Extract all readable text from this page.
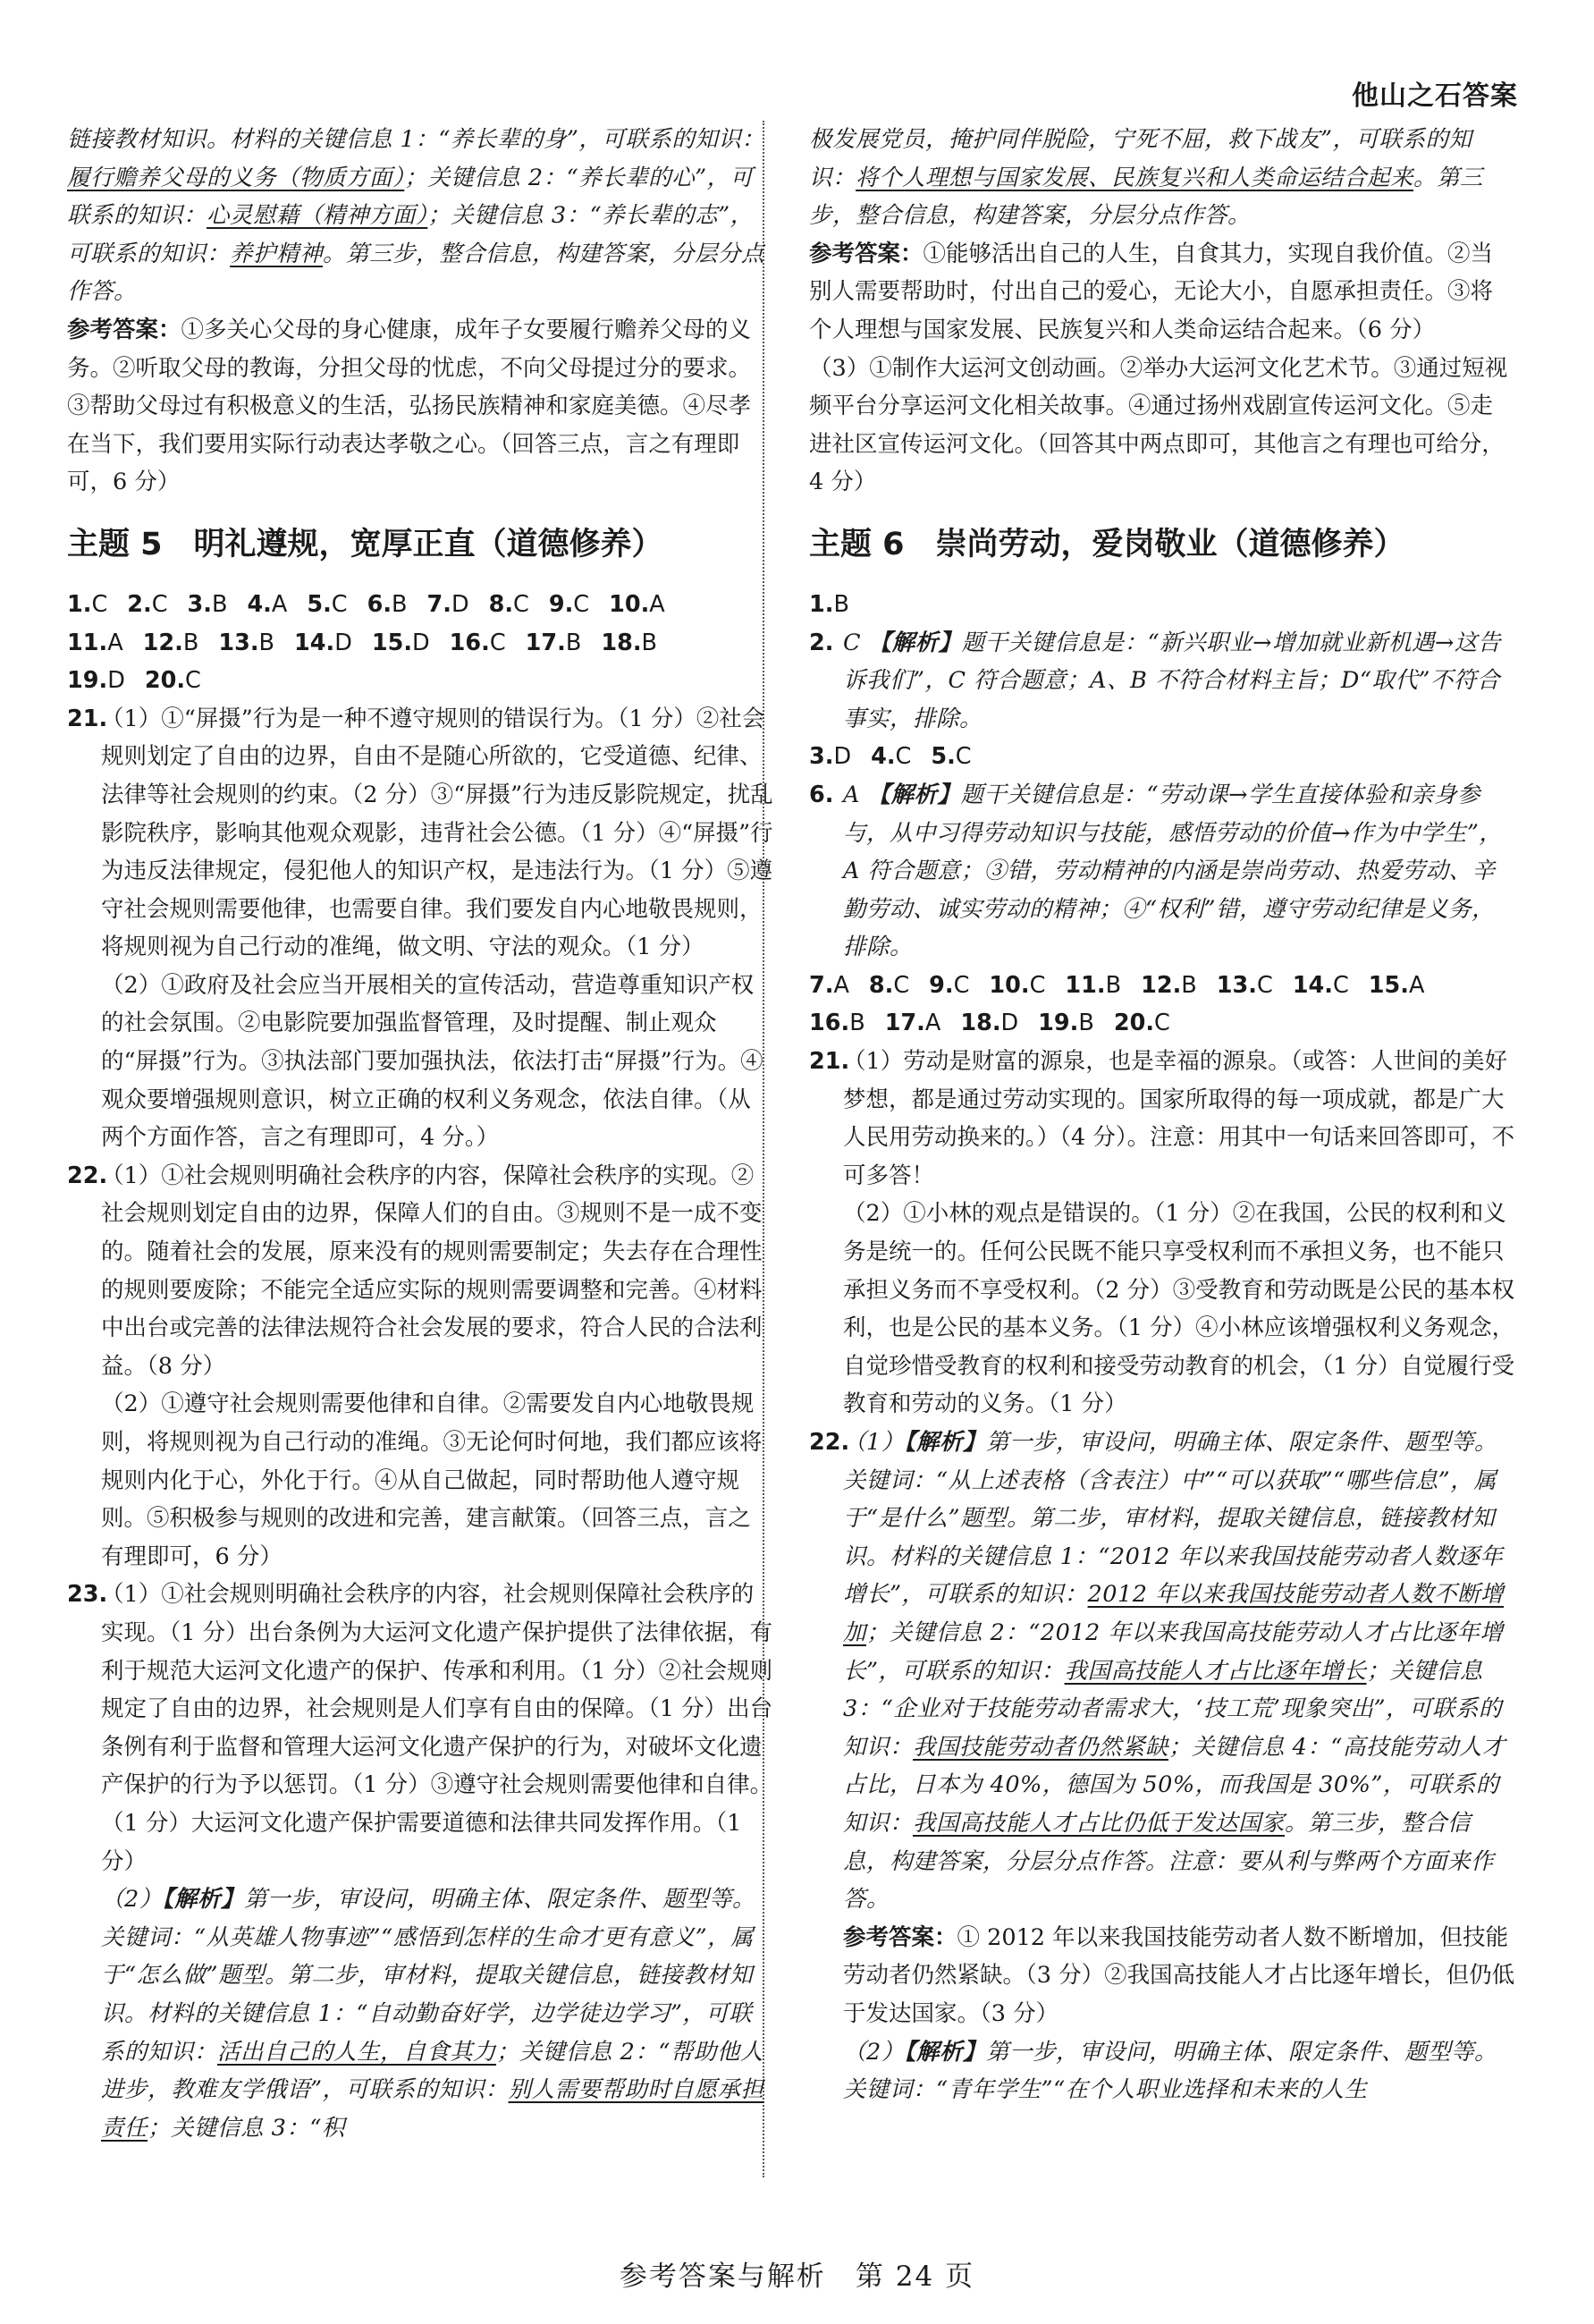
他山之石答案

链接教材知识。材料的关键信息 1：“养长辈的身”，可联系的知识：履行赡养父母的义务（物质方面）；关键信息 2：“养长辈的心”，可联系的知识：心灵慰藉（精神方面）；关键信息 3：“养长辈的志”，可联系的知识：养护精神。第三步，整合信息，构建答案，分层分点作答。

参考答案：①多关心父母的身心健康，成年子女要履行赡养父母的义务。②听取父母的教诲，分担父母的忧虑，不向父母提过分的要求。③帮助父母过有积极意义的生活，弘扬民族精神和家庭美德。④尽孝在当下，我们要用实际行动表达孝敬之心。（回答三点，言之有理即可，6 分）

主题 5　明礼遵规，宽厚正直（道德修养）

1.C 2.C 3.B 4.A 5.C 6.B 7.D 8.C 9.C 10.A

11.A 12.B 13.B 14.D 15.D 16.C 17.B 18.B

19.D 20.C

21.

（1）①“屏摄”行为是一种不遵守规则的错误行为。（1 分）②社会规则划定了自由的边界，自由不是随心所欲的，它受道德、纪律、法律等社会规则的约束。（2 分）③“屏摄”行为违反影院规定，扰乱影院秩序，影响其他观众观影，违背社会公德。（1 分）④“屏摄”行为违反法律规定，侵犯他人的知识产权，是违法行为。（1 分）⑤遵守社会规则需要他律，也需要自律。我们要发自内心地敬畏规则，将规则视为自己行动的准绳，做文明、守法的观众。（1 分）

（2）①政府及社会应当开展相关的宣传活动，营造尊重知识产权的社会氛围。②电影院要加强监督管理，及时提醒、制止观众的“屏摄”行为。③执法部门要加强执法，依法打击“屏摄”行为。④观众要增强规则意识，树立正确的权利义务观念，依法自律。（从两个方面作答，言之有理即可，4 分。）

22.

（1）①社会规则明确社会秩序的内容，保障社会秩序的实现。②社会规则划定自由的边界，保障人们的自由。③规则不是一成不变的。随着社会的发展，原来没有的规则需要制定；失去存在合理性的规则要废除；不能完全适应实际的规则需要调整和完善。④材料中出台或完善的法律法规符合社会发展的要求，符合人民的合法利益。（8 分）

（2）①遵守社会规则需要他律和自律。②需要发自内心地敬畏规则，将规则视为自己行动的准绳。③无论何时何地，我们都应该将规则内化于心，外化于行。④从自己做起，同时帮助他人遵守规则。⑤积极参与规则的改进和完善，建言献策。（回答三点，言之有理即可，6 分）

23.

（1）①社会规则明确社会秩序的内容，社会规则保障社会秩序的实现。（1 分）出台条例为大运河文化遗产保护提供了法律依据，有利于规范大运河文化遗产的保护、传承和利用。（1 分）②社会规则规定了自由的边界，社会规则是人们享有自由的保障。（1 分）出台条例有利于监督和管理大运河文化遗产保护的行为，对破坏文化遗产保护的行为予以惩罚。（1 分）③遵守社会规则需要他律和自律。（1 分）大运河文化遗产保护需要道德和法律共同发挥作用。（1 分）

（2）【解析】第一步，审设问，明确主体、限定条件、题型等。关键词：“从英雄人物事迹”“感悟到怎样的生命才更有意义”，属于“怎么做”题型。第二步，审材料，提取关键信息，链接教材知识。材料的关键信息 1：“自动勤奋好学，边学徒边学习”，可联系的知识：活出自己的人生，自食其力；关键信息 2：“帮助他人进步，教难友学俄语”，可联系的知识：别人需要帮助时自愿承担责任；关键信息 3：“积

极发展党员，掩护同伴脱险，宁死不屈，救下战友”，可联系的知识：将个人理想与国家发展、民族复兴和人类命运结合起来。第三步，整合信息，构建答案，分层分点作答。

参考答案：①能够活出自己的人生，自食其力，实现自我价值。②当别人需要帮助时，付出自己的爱心，无论大小，自愿承担责任。③将个人理想与国家发展、民族复兴和人类命运结合起来。（6 分）

（3）①制作大运河文创动画。②举办大运河文化艺术节。③通过短视频平台分享运河文化相关故事。④通过扬州戏剧宣传运河文化。⑤走进社区宣传运河文化。（回答其中两点即可，其他言之有理也可给分，4 分）

主题 6　崇尚劳动，爱岗敬业（道德修养）

1.B

2. C 【解析】题干关键信息是：“新兴职业→增加就业新机遇→这告诉我们”，C 符合题意；A、B 不符合材料主旨；D“取代”不符合事实，排除。

3.D 4.C 5.C

6. A 【解析】题干关键信息是：“劳动课→学生直接体验和亲身参与，从中习得劳动知识与技能，感悟劳动的价值→作为中学生”，A 符合题意；③错，劳动精神的内涵是崇尚劳动、热爱劳动、辛勤劳动、诚实劳动的精神；④“权利”错，遵守劳动纪律是义务，排除。

7.A 8.C 9.C 10.C 11.B 12.B 13.C 14.C 15.A

16.B 17.A 18.D 19.B 20.C

21.

（1）劳动是财富的源泉，也是幸福的源泉。（或答：人世间的美好梦想，都是通过劳动实现的。国家所取得的每一项成就，都是广大人民用劳动换来的。）（4 分）。注意：用其中一句话来回答即可，不可多答！

（2）①小林的观点是错误的。（1 分）②在我国，公民的权利和义务是统一的。任何公民既不能只享受权利而不承担义务，也不能只承担义务而不享受权利。（2 分）③受教育和劳动既是公民的基本权利，也是公民的基本义务。（1 分）④小林应该增强权利义务观念，自觉珍惜受教育的权利和接受劳动教育的机会，（1 分）自觉履行受教育和劳动的义务。（1 分）

22.

（1）【解析】第一步，审设问，明确主体、限定条件、题型等。关键词：“从上述表格（含表注）中”“可以获取”“哪些信息”，属于“是什么”题型。第二步，审材料，提取关键信息，链接教材知识。材料的关键信息 1：“2012 年以来我国技能劳动者人数逐年增长”，可联系的知识：2012 年以来我国技能劳动者人数不断增加；关键信息 2：“2012 年以来我国高技能劳动人才占比逐年增长”，可联系的知识：我国高技能人才占比逐年增长；关键信息 3：“企业对于技能劳动者需求大，‘技工荒’现象突出”，可联系的知识：我国技能劳动者仍然紧缺；关键信息 4：“高技能劳动人才占比，日本为 40%，德国为 50%，而我国是 30%”，可联系的知识：我国高技能人才占比仍低于发达国家。第三步，整合信息，构建答案，分层分点作答。注意：要从利与弊两个方面来作答。

参考答案：① 2012 年以来我国技能劳动者人数不断增加，但技能劳动者仍然紧缺。（3 分）②我国高技能人才占比逐年增长，但仍低于发达国家。（3 分）

（2）【解析】第一步，审设问，明确主体、限定条件、题型等。关键词：“青年学生”“在个人职业选择和未来的人生

参考答案与解析　第 24 页
